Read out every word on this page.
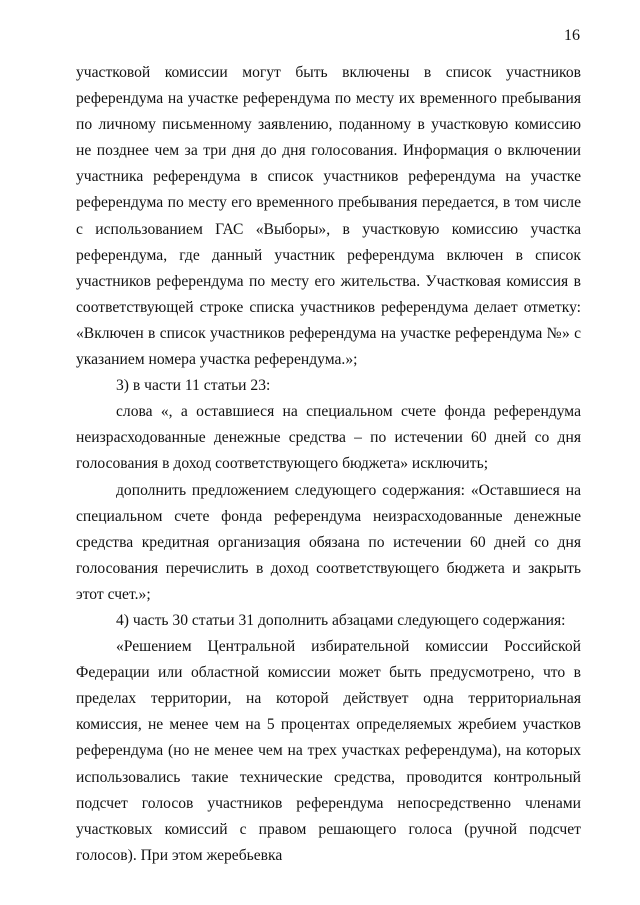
16

участковой комиссии могут быть включены в список участников референдума на участке референдума по месту их временного пребывания по личному письменному заявлению, поданному в участковую комиссию не позднее чем за три дня до дня голосования. Информация о включении участника референдума в список участников референдума на участке референдума по месту его временного пребывания передается, в том числе с использованием ГАС «Выборы», в участковую комиссию участка референдума, где данный участник референдума включен в список участников референдума по месту его жительства. Участковая комиссия в соответствующей строке списка участников референдума делает отметку: «Включен в список участников референдума на участке референдума №» с указанием номера участка референдума.»;

3) в части 11 статьи 23:

слова «, а оставшиеся на специальном счете фонда референдума неизрасходованные денежные средства – по истечении 60 дней со дня голосования в доход соответствующего бюджета» исключить;

дополнить предложением следующего содержания: «Оставшиеся на специальном счете фонда референдума неизрасходованные денежные средства кредитная организация обязана по истечении 60 дней со дня голосования перечислить в доход соответствующего бюджета и закрыть этот счет.»;

4) часть 30 статьи 31 дополнить абзацами следующего содержания:

«Решением Центральной избирательной комиссии Российской Федерации или областной комиссии может быть предусмотрено, что в пределах территории, на которой действует одна территориальная комиссия, не менее чем на 5 процентах определяемых жребием участков референдума (но не менее чем на трех участках референдума), на которых использовались такие технические средства, проводится контрольный подсчет голосов участников референдума непосредственно членами участковых комиссий с правом решающего голоса (ручной подсчет голосов). При этом жеребьевка
